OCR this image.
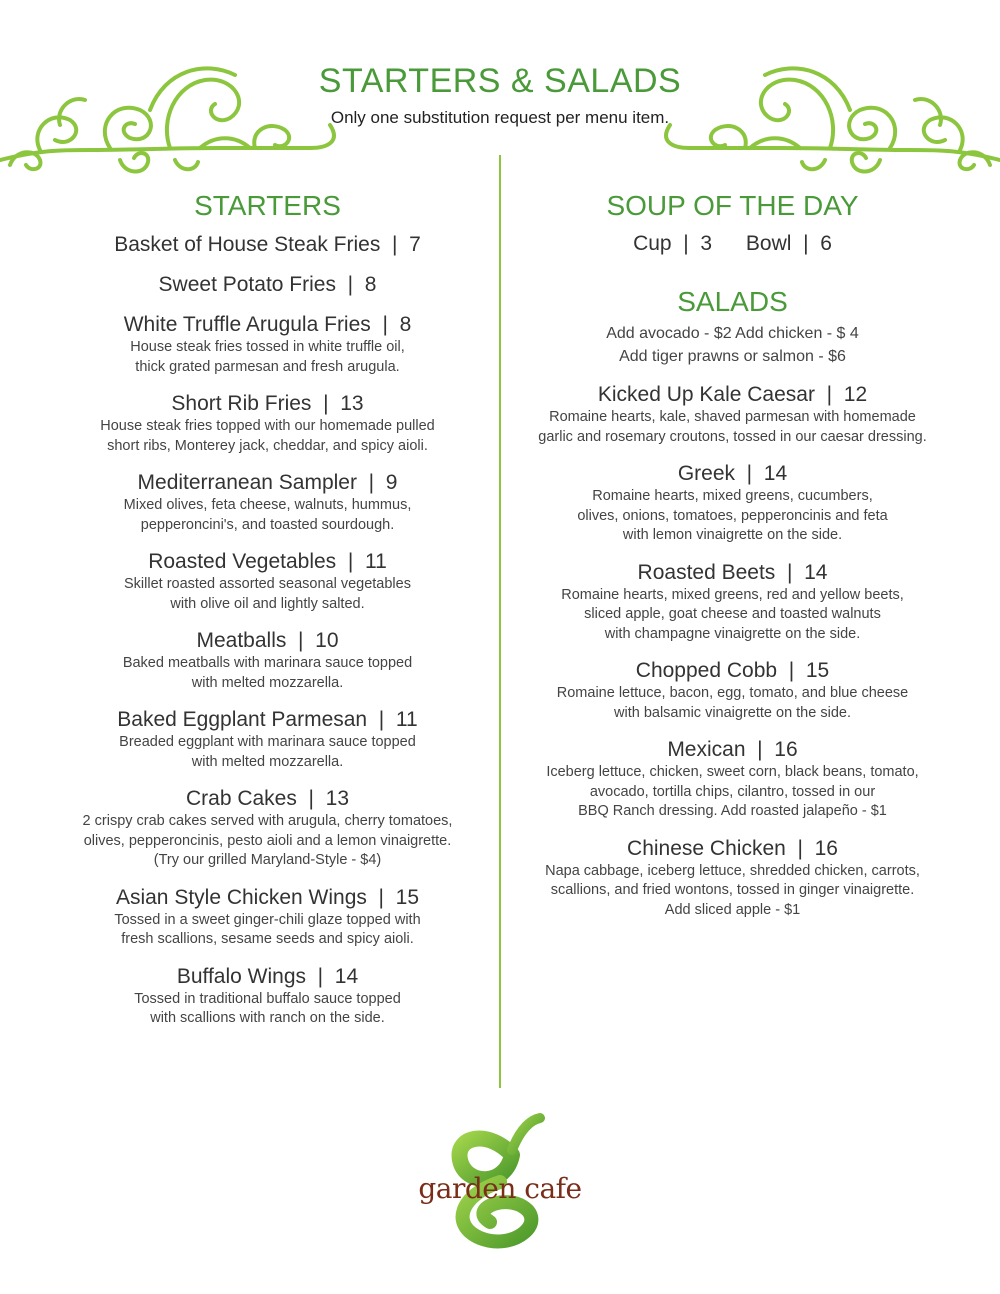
STARTERS & SALADS
Only one substitution request per menu item.
STARTERS
Basket of House Steak Fries  |  7
Sweet Potato Fries  |  8
White Truffle Arugula Fries  |  8
House steak fries tossed in white truffle oil,
thick grated parmesan and fresh arugula.
Short Rib Fries  |  13
House steak fries topped with our homemade pulled
short ribs, Monterey jack, cheddar, and spicy aioli.
Mediterranean Sampler  |  9
Mixed olives, feta cheese, walnuts, hummus,
pepperoncini's, and toasted sourdough.
Roasted Vegetables  |  11
Skillet roasted assorted seasonal vegetables
with olive oil and lightly salted.
Meatballs  |  10
Baked meatballs with marinara sauce topped
with melted mozzarella.
Baked Eggplant Parmesan  |  11
Breaded eggplant with marinara sauce topped
with melted mozzarella.
Crab Cakes  |  13
2 crispy crab cakes served with arugula, cherry tomatoes,
olives, pepperoncinis, pesto aioli and a lemon vinaigrette.
(Try our grilled Maryland-Style - $4)
Asian Style Chicken Wings  |  15
Tossed in a sweet ginger-chili glaze topped with
fresh scallions, sesame seeds and spicy aioli.
Buffalo Wings  |  14
Tossed in traditional buffalo sauce topped
with scallions with ranch on the side.
SOUP OF THE DAY
Cup  |  3 Bowl  |  6
SALADS
Add avocado - $2 Add chicken - $ 4
Add tiger prawns or salmon - $6
Kicked Up Kale Caesar  |  12
Romaine hearts, kale, shaved parmesan with homemade
garlic and rosemary croutons, tossed in our caesar dressing.
Greek  |  14
Romaine hearts, mixed greens, cucumbers,
olives, onions, tomatoes, pepperoncinis and feta
with lemon vinaigrette on the side.
Roasted Beets  |  14
Romaine hearts, mixed greens, red and yellow beets,
sliced apple, goat cheese and toasted walnuts
with champagne vinaigrette on the side.
Chopped Cobb  |  15
Romaine lettuce, bacon, egg, tomato, and blue cheese
with balsamic vinaigrette on the side.
Mexican  |  16
Iceberg lettuce, chicken, sweet corn, black beans, tomato,
avocado, tortilla chips, cilantro, tossed in our
BBQ Ranch dressing. Add roasted jalapeño - $1
Chinese Chicken  |  16
Napa cabbage, iceberg lettuce, shredded chicken, carrots,
scallions, and fried wontons, tossed in ginger vinaigrette.
Add sliced apple - $1
garden cafe
